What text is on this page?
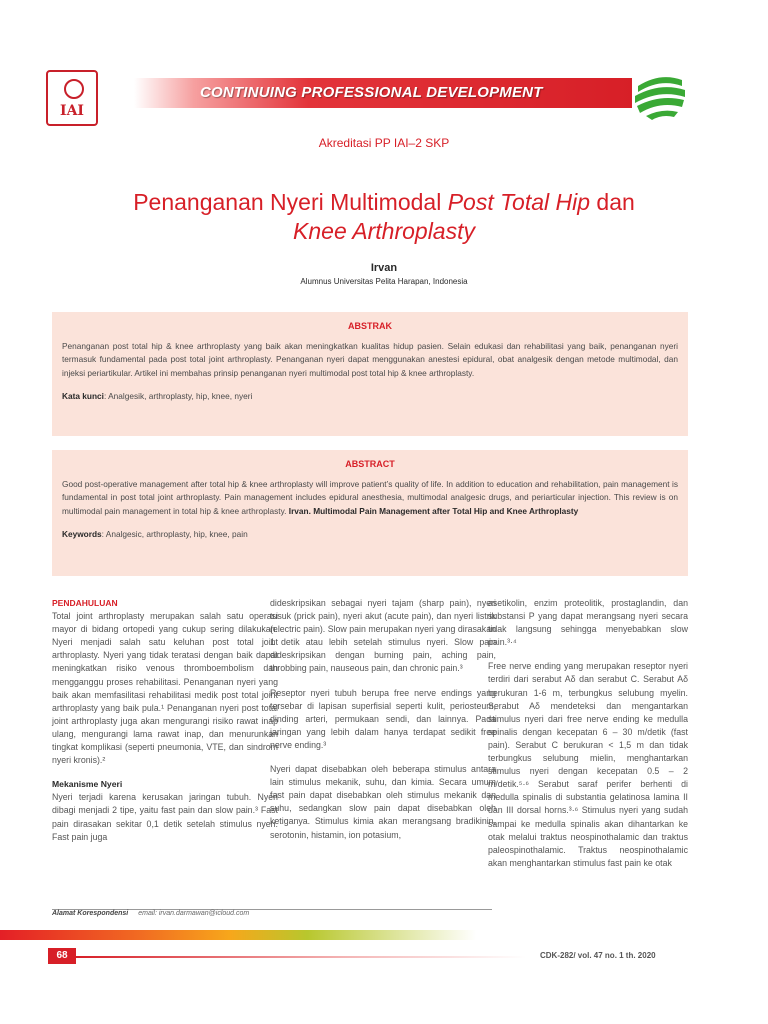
IAI
CONTINUING PROFESSIONAL DEVELOPMENT
Akreditasi PP IAI–2 SKP
Penanganan Nyeri Multimodal Post Total Hip dan
Knee Arthroplasty
Irvan
Alumnus Universitas Pelita Harapan, Indonesia
ABSTRAK
Penanganan post total hip & knee arthroplasty yang baik akan meningkatkan kualitas hidup pasien. Selain edukasi dan rehabilitasi yang baik, penanganan nyeri termasuk fundamental pada post total joint arthroplasty. Penanganan nyeri dapat menggunakan anestesi epidural, obat analgesik dengan metode multimodal, dan injeksi periartikular. Artikel ini membahas prinsip penanganan nyeri multimodal post total hip & knee arthroplasty.
Kata kunci: Analgesik, arthroplasty, hip, knee, nyeri
ABSTRACT
Good post-operative management after total hip & knee arthroplasty will improve patient’s quality of life. In addition to education and rehabilitation, pain management is fundamental in post total joint arthroplasty. Pain management includes epidural anesthesia, multimodal analgesic drugs, and periarticular injection. This review is on multimodal pain management in total hip & knee arthroplasty. Irvan. Multimodal Pain Management after Total Hip and Knee Arthroplasty
Keywords: Analgesic, arthroplasty, hip, knee, pain
PENDAHULUAN

Total joint arthroplasty merupakan salah satu operasi mayor di bidang ortopedi yang cukup sering dilakukan. Nyeri menjadi salah satu keluhan post total joint arthroplasty. Nyeri yang tidak teratasi dengan baik dapat meningkatkan risiko venous thromboembolism dan mengganggu proses rehabilitasi. Penanganan nyeri yang baik akan memfasilitasi rehabilitasi medik post total joint arthroplasty yang baik pula.¹ Penanganan nyeri post total joint arthroplasty juga akan mengurangi risiko rawat inap ulang, mengurangi lama rawat inap, dan menurunkan tingkat komplikasi (seperti pneumonia, VTE, dan sindrom nyeri kronis).²

Mekanisme Nyeri

Nyeri terjadi karena kerusakan jaringan tubuh. Nyeri dibagi menjadi 2 tipe, yaitu fast pain dan slow pain.³ Fast pain dirasakan sekitar 0,1 detik setelah stimulus nyeri. Fast pain juga

dideskripsikan sebagai nyeri tajam (sharp pain), nyeri tusuk (prick pain), nyeri akut (acute pain), dan nyeri listrik (electric pain). Slow pain merupakan nyeri yang dirasakan 1 detik atau lebih setelah stimulus nyeri. Slow pain dideskripsikan dengan burning pain, aching pain, throbbing pain, nauseous pain, dan chronic pain.³

Reseptor nyeri tubuh berupa free nerve endings yang tersebar di lapisan superfisial seperti kulit, periosteum, dinding arteri, permukaan sendi, dan lainnya. Pada jaringan yang lebih dalam hanya terdapat sedikit free nerve ending.³

Nyeri dapat disebabkan oleh beberapa stimulus antara lain stimulus mekanik, suhu, dan kimia. Secara umum fast pain dapat disebabkan oleh stimulus mekanik dan suhu, sedangkan slow pain dapat disebabkan oleh ketiganya. Stimulus kimia akan merangsang bradikinin, serotonin, histamin, ion potasium,

asetikolin, enzim proteolitik, prostaglandin, dan substansi P yang dapat merangsang nyeri secara tidak langsung sehingga menyebabkan slow pain.³·⁴

Free nerve ending yang merupakan reseptor nyeri terdiri dari serabut Aδ dan serabut C. Serabut Aδ berukuran 1-6 m, terbungkus selubung myelin. Serabut Aδ mendeteksi dan mengantarkan stimulus nyeri dari free nerve ending ke medulla spinalis dengan kecepatan 6 – 30 m/detik (fast pain). Serabut C berukuran < 1,5 m dan tidak terbungkus selubung mielin, menghantarkan stimulus nyeri dengan kecepatan 0.5 – 2 m/detik.⁵·⁶ Serabut saraf perifer berhenti di medulla spinalis di substantia gelatinosa lamina II dan III dorsal horns.³·⁶ Stimulus nyeri yang sudah sampai ke medulla spinalis akan dihantarkan ke otak melalui traktus neospinothalamic dan traktus paleospinothalamic. Traktus neospinothalamic akan menghantarkan stimulus fast pain ke otak

Alamat Korespondensi email: irvan.darmawan@icloud.com
68	CDK-282/ vol. 47 no. 1 th. 2020
